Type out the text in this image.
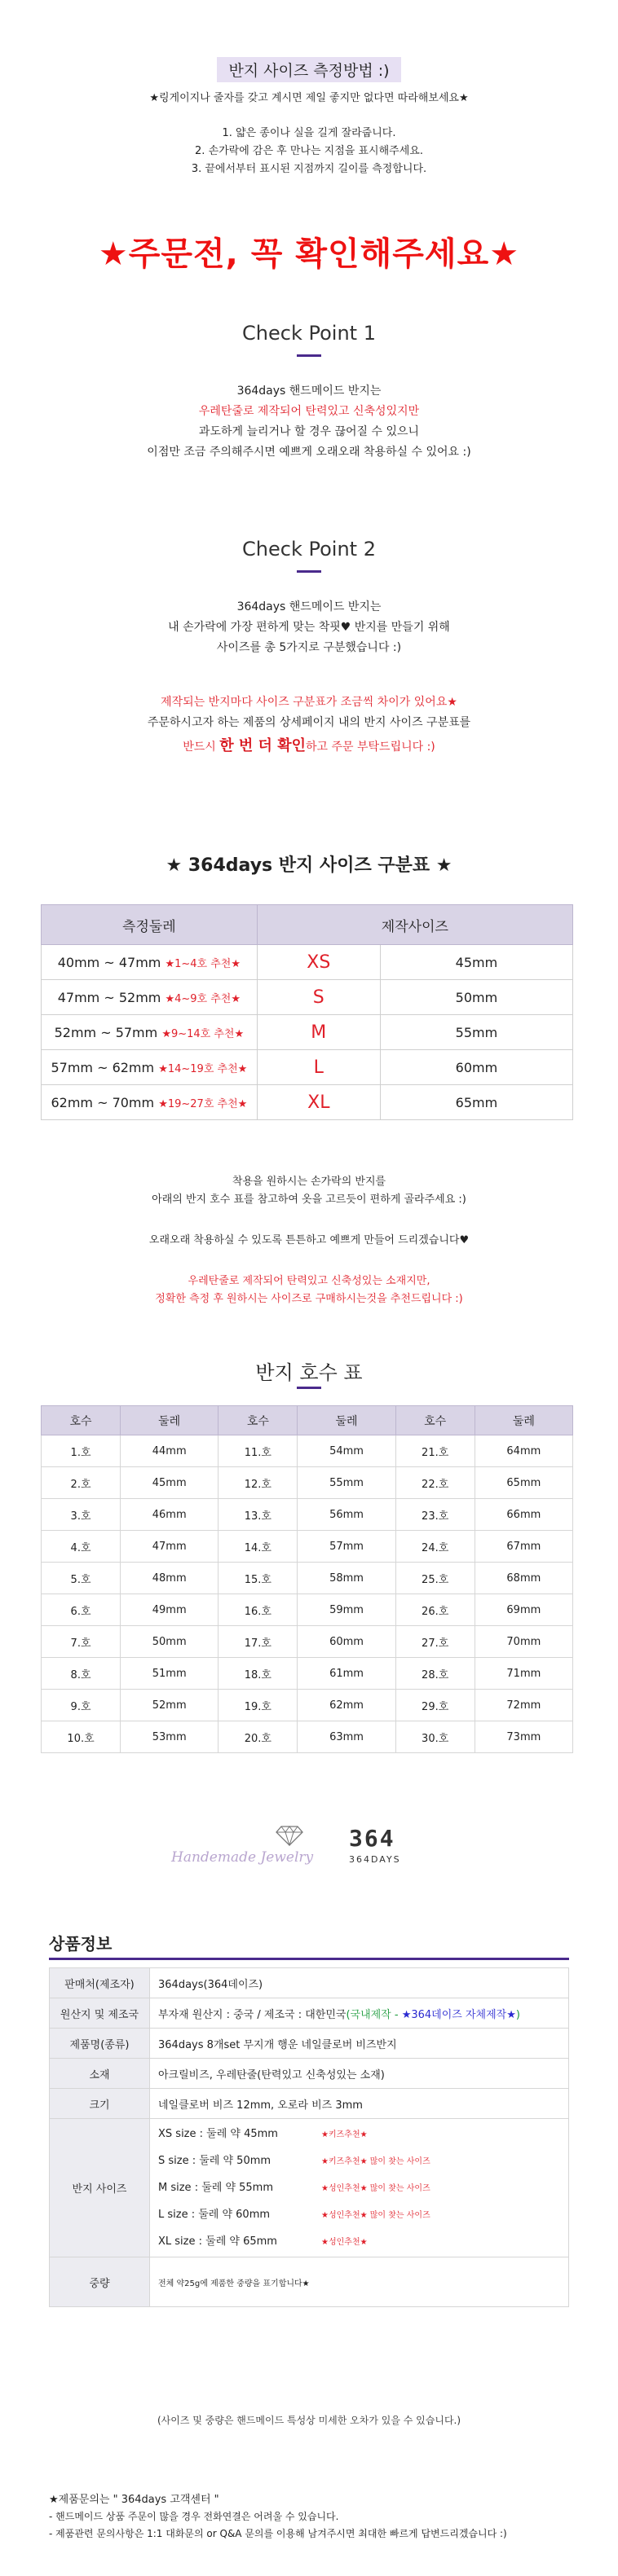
반지 사이즈 측정방법 :)

★링게이지나 줄자를 갖고 계시면 제일 좋지만 없다면 따라해보세요★

1. 얇은 종이나 실을 길게 잘라줍니다.

2. 손가락에 감은 후 만나는 지점을 표시해주세요.

3. 끝에서부터 표시된 지점까지 길이를 측정합니다.

★주문전, 꼭 확인해주세요★
Check Point 1

364days 핸드메이드 반지는

우레탄줄로 제작되어 탄력있고 신축성있지만

과도하게 늘리거나 할 경우 끊어질 수 있으니

이점만 조금 주의해주시면 예쁘게 오래오래 착용하실 수 있어요 :)

Check Point 2

364days 핸드메이드 반지는

내 손가락에 가장 편하게 맞는 착핏♥ 반지를 만들기 위해

사이즈를 총 5가지로 구분했습니다 :)

제작되는 반지마다 사이즈 구분표가 조금씩 차이가 있어요★

주문하시고자 하는 제품의 상세페이지 내의 반지 사이즈 구분표를

반드시 한 번 더 확인하고 주문 부탁드립니다 :)

★ 364days 반지 사이즈 구분표 ★
측정둘레	제작사이즈	
40mm ~ 47mm ★1~4호 추천★	XS	45mm
47mm ~ 52mm ★4~9호 추천★	S	50mm
52mm ~ 57mm ★9~14호 추천★	M	55mm
57mm ~ 62mm ★14~19호 추천★	L	60mm
62mm ~ 70mm ★19~27호 추천★	XL	65mm

착용을 원하시는 손가락의 반지를

아래의 반지 호수 표를 참고하여 옷을 고르듯이 편하게 골라주세요 :)

오래오래 착용하실 수 있도록 튼튼하고 예쁘게 만들어 드리겠습니다♥

우레탄줄로 제작되어 탄력있고 신축성있는 소재지만,

정확한 측정 후 원하시는 사이즈로 구매하시는것을 추천드립니다 :)

반지 호수 표
호수	둘레	호수	둘레	호수	둘레
1.호	44mm	11.호	54mm	21.호	64mm
2.호	45mm	12.호	55mm	22.호	65mm
3.호	46mm	13.호	56mm	23.호	66mm
4.호	47mm	14.호	57mm	24.호	67mm
5.호	48mm	15.호	58mm	25.호	68mm
6.호	49mm	16.호	59mm	26.호	69mm
7.호	50mm	17.호	60mm	27.호	70mm
8.호	51mm	18.호	61mm	28.호	71mm
9.호	52mm	19.호	62mm	29.호	72mm
10.호	53mm	20.호	63mm	30.호	73mm
Handemade Jewelry
364
364DAYS
상품정보
판매처(제조자)	364days(364데이즈)
원산지 및 제조국	부자재 원산지 : 중국 / 제조국 : 대한민국(국내제작 - ★364데이즈 자체제작★)
제품명(종류)	364days 8개set 무지개 행운 네일클로버 비즈반지
소재	아크릴비즈, 우레탄줄(탄력있고 신축성있는 소재)
크기	네일클로버 비즈 12mm, 오로라 비즈 3mm
반지 사이즈	XS size : 둘레 약 45mm ★키즈추천★
S size : 둘레 약 50mm ★키즈추천★ 많이 찾는 사이즈
M size : 둘레 약 55mm ★성인추천★ 많이 찾는 사이즈
L size : 둘레 약 60mm ★성인추천★ 많이 찾는 사이즈
XL size : 둘레 약 65mm ★성인추천★

중량	전체 약25g에 제품한 중량을 표기합니다★
(사이즈 및 중량은 핸드메이드 특성상 미세한 오차가 있을 수 있습니다.)
★제품문의는 " 364days 고객센터 "
- 핸드메이드 상품 주문이 많을 경우 전화연결은 어려울 수 있습니다.
- 제품관련 문의사항은 1:1 대화문의 or Q&A 문의를 이용해 남겨주시면 최대한 빠르게 답변드리겠습니다 :)
